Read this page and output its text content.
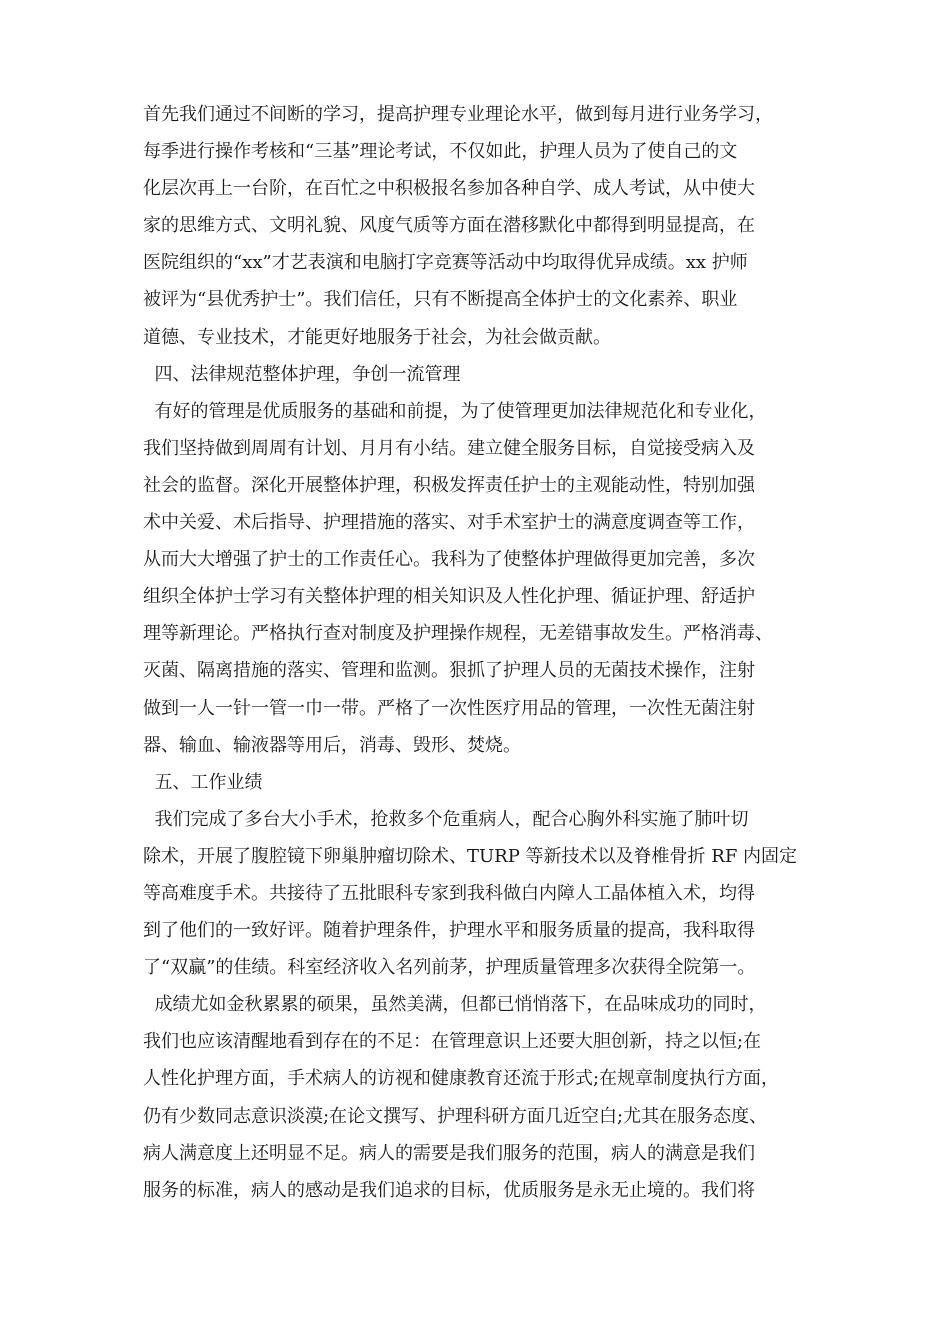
首先我们通过不间断的学习，提高护理专业理论水平，做到每月进行业务学习，
每季进行操作考核和“三基”理论考试，不仅如此，护理人员为了使自己的文
化层次再上一台阶，在百忙之中积极报名参加各种自学、成人考试，从中使大
家的思维方式、文明礼貌、风度气质等方面在潜移默化中都得到明显提高，在
医院组织的“xx”才艺表演和电脑打字竞赛等活动中均取得优异成绩。xx 护师
被评为“县优秀护士”。我们信任，只有不断提高全体护士的文化素养、职业
道德、专业技术，才能更好地服务于社会，为社会做贡献。
四、法律规范整体护理，争创一流管理
有好的管理是优质服务的基础和前提，为了使管理更加法律规范化和专业化，
我们坚持做到周周有计划、月月有小结。建立健全服务目标，自觉接受病入及
社会的监督。深化开展整体护理，积极发挥责任护士的主观能动性，特别加强
术中关爱、术后指导、护理措施的落实、对手术室护士的满意度调查等工作，
从而大大增强了护士的工作责任心。我科为了使整体护理做得更加完善，多次
组织全体护士学习有关整体护理的相关知识及人性化护理、循证护理、舒适护
理等新理论。严格执行查对制度及护理操作规程，无差错事故发生。严格消毒、
灭菌、隔离措施的落实、管理和监测。狠抓了护理人员的无菌技术操作，注射
做到一人一针一管一巾一带。严格了一次性医疗用品的管理，一次性无菌注射
器、输血、输液器等用后，消毒、毁形、焚烧。
五、工作业绩
我们完成了多台大小手术，抢救多个危重病人，配合心胸外科实施了肺叶切
除术，开展了腹腔镜下卵巢肿瘤切除术、TURP 等新技术以及脊椎骨折 RF 内固定
等高难度手术。共接待了五批眼科专家到我科做白内障人工晶体植入术，均得
到了他们的一致好评。随着护理条件，护理水平和服务质量的提高，我科取得
了“双赢”的佳绩。科室经济收入名列前茅，护理质量管理多次获得全院第一。
成绩尤如金秋累累的硕果，虽然美满，但都已悄悄落下，在品味成功的同时，
我们也应该清醒地看到存在的不足：在管理意识上还要大胆创新，持之以恒;在
人性化护理方面，手术病人的访视和健康教育还流于形式;在规章制度执行方面，
仍有少数同志意识淡漠;在论文撰写、护理科研方面几近空白;尤其在服务态度、
病人满意度上还明显不足。病人的需要是我们服务的范围，病人的满意是我们
服务的标准，病人的感动是我们追求的目标，优质服务是永无止境的。我们将
